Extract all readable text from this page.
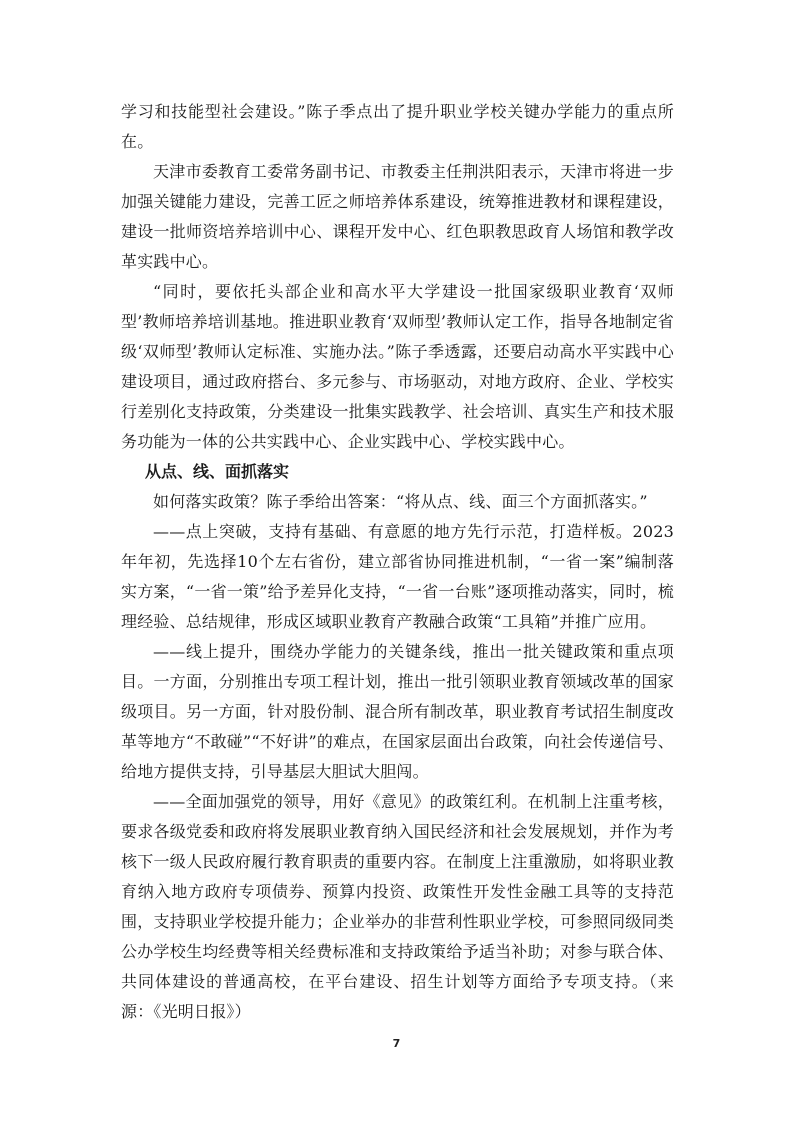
学习和技能型社会建设。”陈子季点出了提升职业学校关键办学能力的重点所在。

天津市委教育工委常务副书记、市教委主任荆洪阳表示，天津市将进一步加强关键能力建设，完善工匠之师培养体系建设，统筹推进教材和课程建设，建设一批师资培养培训中心、课程开发中心、红色职教思政育人场馆和教学改革实践中心。

“同时，要依托头部企业和高水平大学建设一批国家级职业教育‘双师型’教师培养培训基地。推进职业教育‘双师型’教师认定工作，指导各地制定省级‘双师型’教师认定标准、实施办法。”陈子季透露，还要启动高水平实践中心建设项目，通过政府搭台、多元参与、市场驱动，对地方政府、企业、学校实行差别化支持政策，分类建设一批集实践教学、社会培训、真实生产和技术服务功能为一体的公共实践中心、企业实践中心、学校实践中心。

从点、线、面抓落实

如何落实政策？陈子季给出答案：“将从点、线、面三个方面抓落实。”

——点上突破，支持有基础、有意愿的地方先行示范，打造样板。2023年年初，先选择10个左右省份，建立部省协同推进机制，“一省一案”编制落实方案，“一省一策”给予差异化支持，“一省一台账”逐项推动落实，同时，梳理经验、总结规律，形成区域职业教育产教融合政策“工具箱”并推广应用。

——线上提升，围绕办学能力的关键条线，推出一批关键政策和重点项目。一方面，分别推出专项工程计划，推出一批引领职业教育领域改革的国家级项目。另一方面，针对股份制、混合所有制改革，职业教育考试招生制度改革等地方“不敢碰”“不好讲”的难点，在国家层面出台政策，向社会传递信号、给地方提供支持，引导基层大胆试大胆闯。

——全面加强党的领导，用好《意见》的政策红利。在机制上注重考核，要求各级党委和政府将发展职业教育纳入国民经济和社会发展规划，并作为考核下一级人民政府履行教育职责的重要内容。在制度上注重激励，如将职业教育纳入地方政府专项债券、预算内投资、政策性开发性金融工具等的支持范围，支持职业学校提升能力；企业举办的非营利性职业学校，可参照同级同类公办学校生均经费等相关经费标准和支持政策给予适当补助；对参与联合体、共同体建设的普通高校，在平台建设、招生计划等方面给予专项支持。（来源：《光明日报》）

7
